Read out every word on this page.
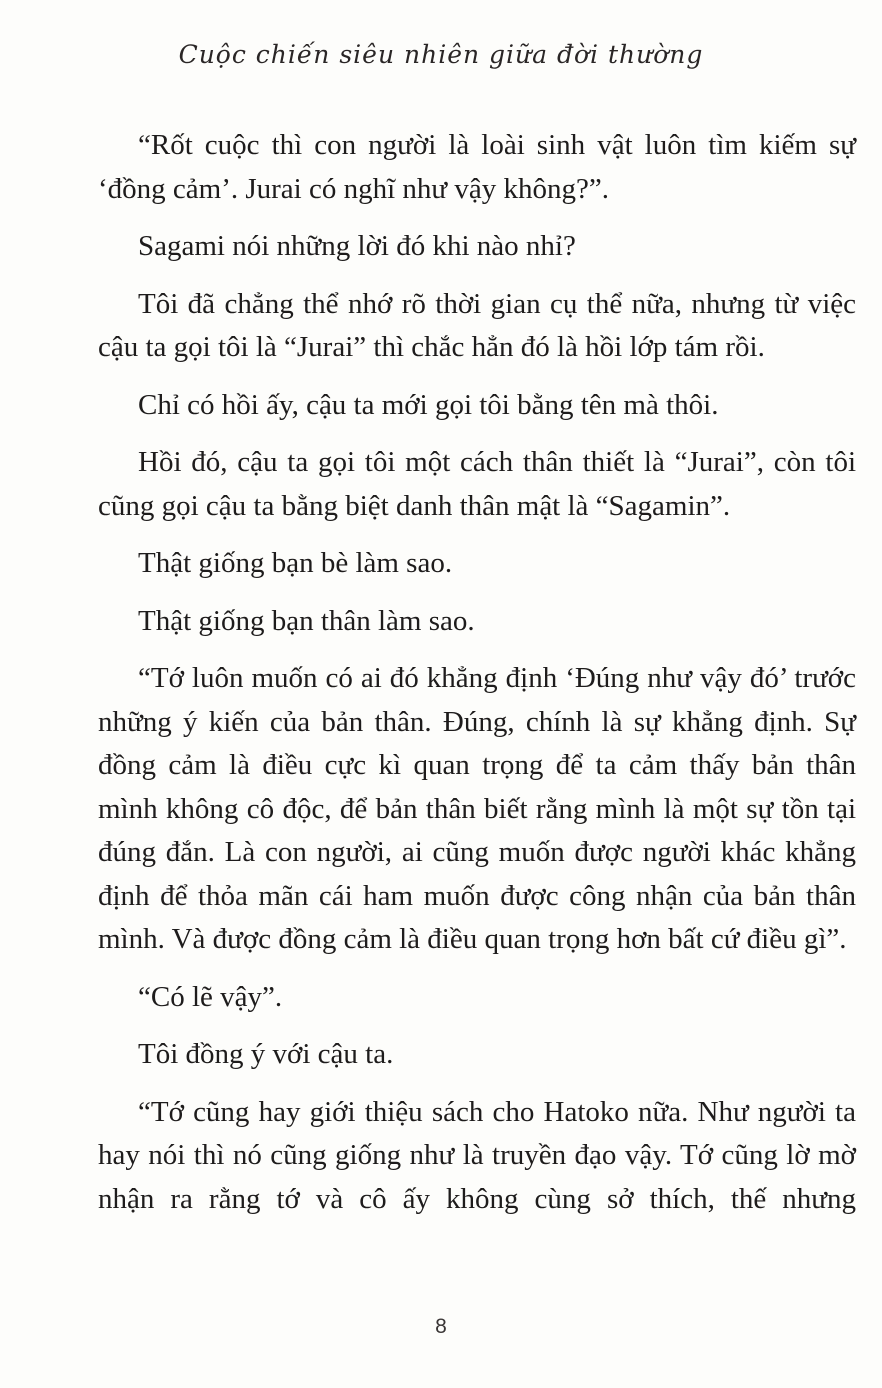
Cuộc chiến siêu nhiên giữa đời thường

“Rốt cuộc thì con người là loài sinh vật luôn tìm kiếm sự ‘đồng cảm’. Jurai có nghĩ như vậy không?”.

Sagami nói những lời đó khi nào nhỉ?

Tôi đã chẳng thể nhớ rõ thời gian cụ thể nữa, nhưng từ việc cậu ta gọi tôi là “Jurai” thì chắc hẳn đó là hồi lớp tám rồi.

Chỉ có hồi ấy, cậu ta mới gọi tôi bằng tên mà thôi.

Hồi đó, cậu ta gọi tôi một cách thân thiết là “Jurai”, còn tôi cũng gọi cậu ta bằng biệt danh thân mật là “Sagamin”.

Thật giống bạn bè làm sao.

Thật giống bạn thân làm sao.

“Tớ luôn muốn có ai đó khẳng định ‘Đúng như vậy đó’ trước những ý kiến của bản thân. Đúng, chính là sự khẳng định. Sự đồng cảm là điều cực kì quan trọng để ta cảm thấy bản thân mình không cô độc, để bản thân biết rằng mình là một sự tồn tại đúng đắn. Là con người, ai cũng muốn được người khác khẳng định để thỏa mãn cái ham muốn được công nhận của bản thân mình. Và được đồng cảm là điều quan trọng hơn bất cứ điều gì”.

“Có lẽ vậy”.

Tôi đồng ý với cậu ta.

“Tớ cũng hay giới thiệu sách cho Hatoko nữa. Như người ta hay nói thì nó cũng giống như là truyền đạo vậy. Tớ cũng lờ mờ nhận ra rằng tớ và cô ấy không cùng sở thích, thế nhưng

8
